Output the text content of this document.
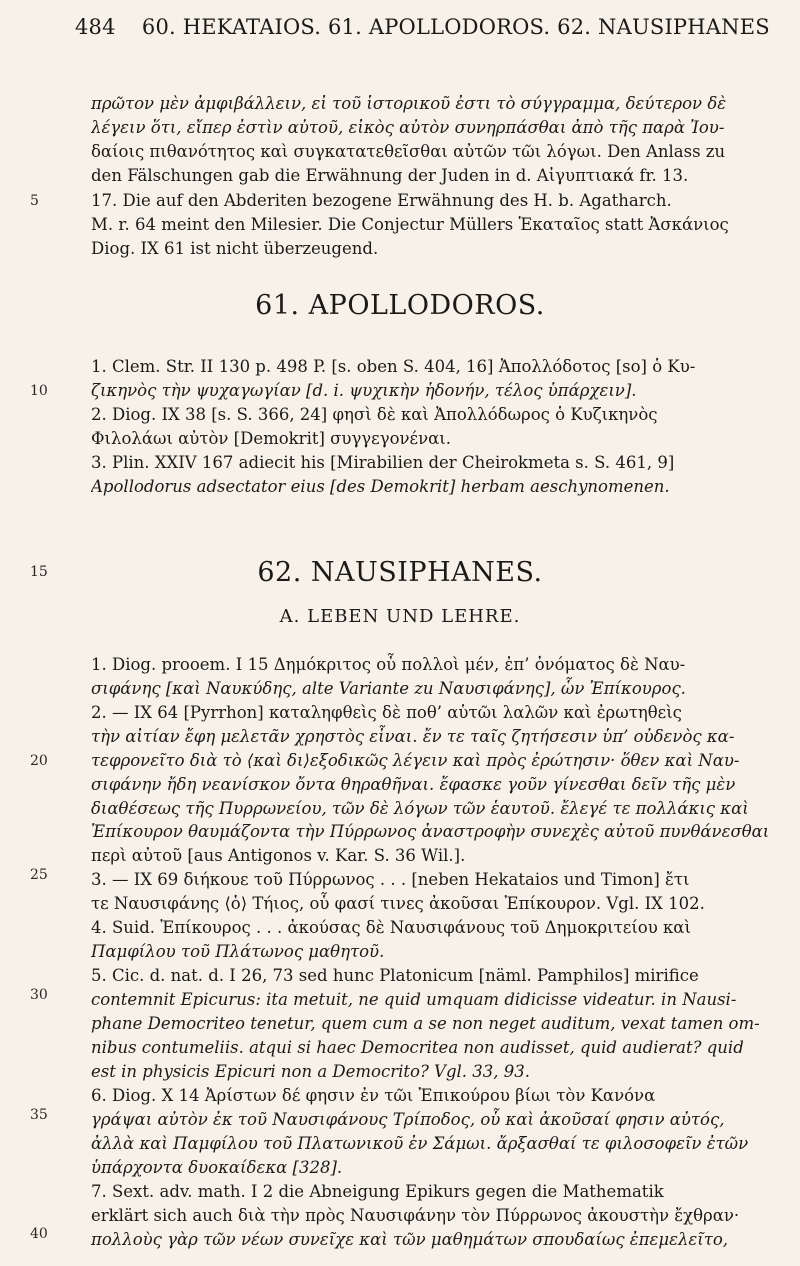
484 60. HEKATAIOS. 61. APOLLODOROS. 62. NAUSIPHANES
5
10
15
20
25
30
35
40
πρῶτον μὲν ἀμφιβάλλειν, εἰ τοῦ ἱστορικοῦ ἐστι τὸ σύγγραμμα, δεύτερον δὲ
λέγειν ὅτι, εἴπερ ἐστὶν αὐτοῦ, εἰκὸς αὐτὸν συνηρπάσθαι ἀπὸ τῆς παρὰ Ἰου-
δαίοις πιθανότητος καὶ συγκατατεθεῖσθαι αὐτῶν τῶι λόγωι. Den Anlass zu
den Fälschungen gab die Erwähnung der Juden in d. Αἰγυπτιακά fr. 13.
17. Die auf den Abderiten bezogene Erwähnung des H. b. Agatharch.
M. r. 64 meint den Milesier. Die Conjectur Müllers Ἑκαταῖος statt Ἀσκάνιος
Diog. IX 61 ist nicht überzeugend.
61. APOLLODOROS.
1. Clem. Str. II 130 p. 498 P. [s. oben S. 404, 16] Ἀπολλόδοτος [so] ὁ Κυ-
ζικηνὸς τὴν ψυχαγωγίαν [d. i. ψυχικὴν ἡδονήν, τέλος ὑπάρχειν].
2. Diog. IX 38 [s. S. 366, 24] φησὶ δὲ καὶ Ἀπολλόδωρος ὁ Κυζικηνὸς
Φιλολάωι αὐτὸν [Demokrit] συγγεγονέναι.
3. Plin. XXIV 167 adiecit his [Mirabilien der Cheirokmeta s. S. 461, 9]
Apollodorus adsectator eius [des Demokrit] herbam aeschynomenen.
62. NAUSIPHANES.
A. LEBEN UND LEHRE.
1. Diog. prooem. I 15 Δημόκριτος οὗ πολλοὶ μέν, ἐπ’ ὀνόματος δὲ Ναυ-
σιφάνης [καὶ Ναυκύδης, alte Variante zu Ναυσιφάνης], ὧν Ἐπίκουρος.
2. — IX 64 [Pyrrhon] καταληφθεὶς δὲ ποθ’ αὑτῶι λαλῶν καὶ ἐρωτηθεὶς
τὴν αἰτίαν ἔφη μελετᾶν χρηστὸς εἶναι. ἔν τε ταῖς ζητήσεσιν ὑπ’ οὐδενὸς κα-
τεφρονεῖτο διὰ τὸ ⟨καὶ δι⟩εξοδικῶς λέγειν καὶ πρὸς ἐρώτησιν· ὅθεν καὶ Ναυ-
σιφάνην ἤδη νεανίσκον ὄντα θηραθῆναι. ἔφασκε γοῦν γίνεσθαι δεῖν τῆς μὲν
διαθέσεως τῆς Πυρρωνείου, τῶν δὲ λόγων τῶν ἑαυτοῦ. ἔλεγέ τε πολλάκις καὶ
Ἐπίκουρον θαυμάζοντα τὴν Πύρρωνος ἀναστροφὴν συνεχὲς αὐτοῦ πυνθάνεσθαι
περὶ αὐτοῦ [aus Antigonos v. Kar. S. 36 Wil.].
3. — IX 69 διήκουε τοῦ Πύρρωνος . . . [neben Hekataios und Timon] ἔτι
τε Ναυσιφάνης ⟨ὁ⟩ Τήιος, οὗ φασί τινες ἀκοῦσαι Ἐπίκουρον. Vgl. IX 102.
4. Suid. Ἐπίκουρος . . . ἀκούσας δὲ Ναυσιφάνους τοῦ Δημοκριτείου καὶ
Παμφίλου τοῦ Πλάτωνος μαθητοῦ.
5. Cic. d. nat. d. I 26, 73 sed hunc Platonicum [näml. Pamphilos] mirifice
contemnit Epicurus: ita metuit, ne quid umquam didicisse videatur. in Nausi-
phane Democriteo tenetur, quem cum a se non neget auditum, vexat tamen om-
nibus contumeliis. atqui si haec Democritea non audisset, quid audierat? quid
est in physicis Epicuri non a Democrito? Vgl. 33, 93.
6. Diog. X 14 Ἀρίστων δέ φησιν ἐν τῶι Ἐπικούρου βίωι τὸν Κανόνα
γράψαι αὐτὸν ἐκ τοῦ Ναυσιφάνους Τρίποδος, οὗ καὶ ἀκοῦσαί φησιν αὐτός,
ἀλλὰ καὶ Παμφίλου τοῦ Πλατωνικοῦ ἐν Σάμωι. ἄρξασθαί τε φιλοσοφεῖν ἐτῶν
ὑπάρχοντα δυοκαίδεκα [328].
7. Sext. adv. math. I 2 die Abneigung Epikurs gegen die Mathematik
erklärt sich auch διὰ τὴν πρὸς Ναυσιφάνην τὸν Πύρρωνος ἀκουστὴν ἔχθραν·
πολλοὺς γὰρ τῶν νέων συνεῖχε καὶ τῶν μαθημάτων σπουδαίως ἐπεμελεῖτο,
